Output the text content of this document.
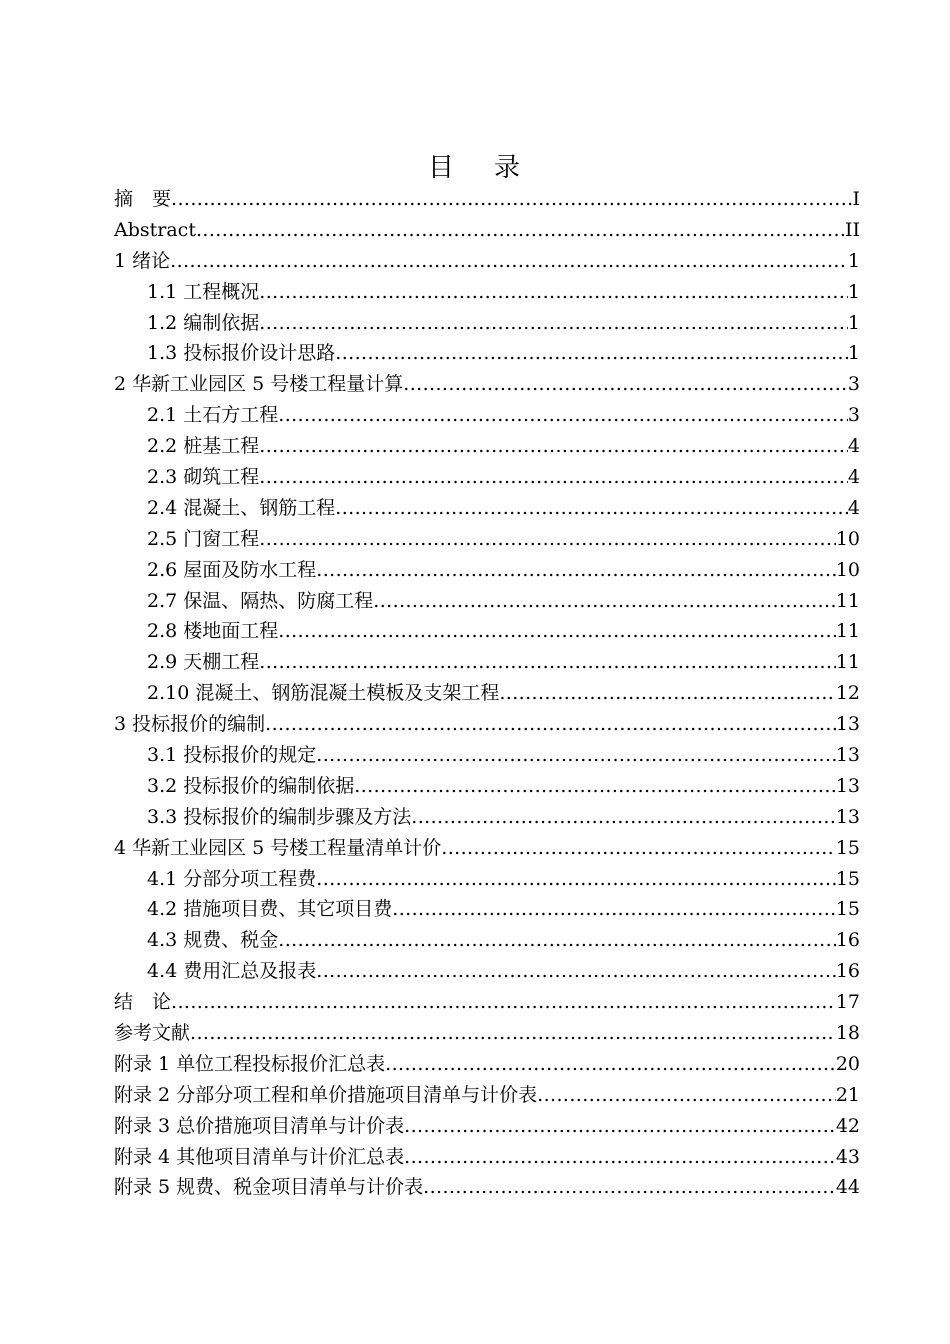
目 录
摘　要 .....	I
Abstract .....	II
1 绪论 .....	1
1.1 工程概况 .....	1
1.2 编制依据 .....	1
1.3 投标报价设计思路 .....	1
2 华新工业园区 5 号楼工程量计算 .....	3
2.1 土石方工程 .....	3
2.2 桩基工程 .....	4
2.3 砌筑工程 .....	4
2.4 混凝土、钢筋工程 .....	4
2.5 门窗工程 .....	10
2.6 屋面及防水工程 .....	10
2.7 保温、隔热、防腐工程 .....	11
2.8 楼地面工程 .....	11
2.9 天棚工程 .....	11
2.10 混凝土、钢筋混凝土模板及支架工程 .....	12
3 投标报价的编制 .....	13
3.1 投标报价的规定 .....	13
3.2 投标报价的编制依据 .....	13
3.3 投标报价的编制步骤及方法 .....	13
4 华新工业园区 5 号楼工程量清单计价 .....	15
4.1 分部分项工程费 .....	15
4.2 措施项目费、其它项目费 .....	15
4.3 规费、税金 .....	16
4.4 费用汇总及报表 .....	16
结　论 .....	17
参考文献 .....	18
附录 1 单位工程投标报价汇总表 .....	20
附录 2 分部分项工程和单价措施项目清单与计价表 .....	21
附录 3 总价措施项目清单与计价表 .....	42
附录 4 其他项目清单与计价汇总表 .....	43
附录 5 规费、税金项目清单与计价表 .....	44
